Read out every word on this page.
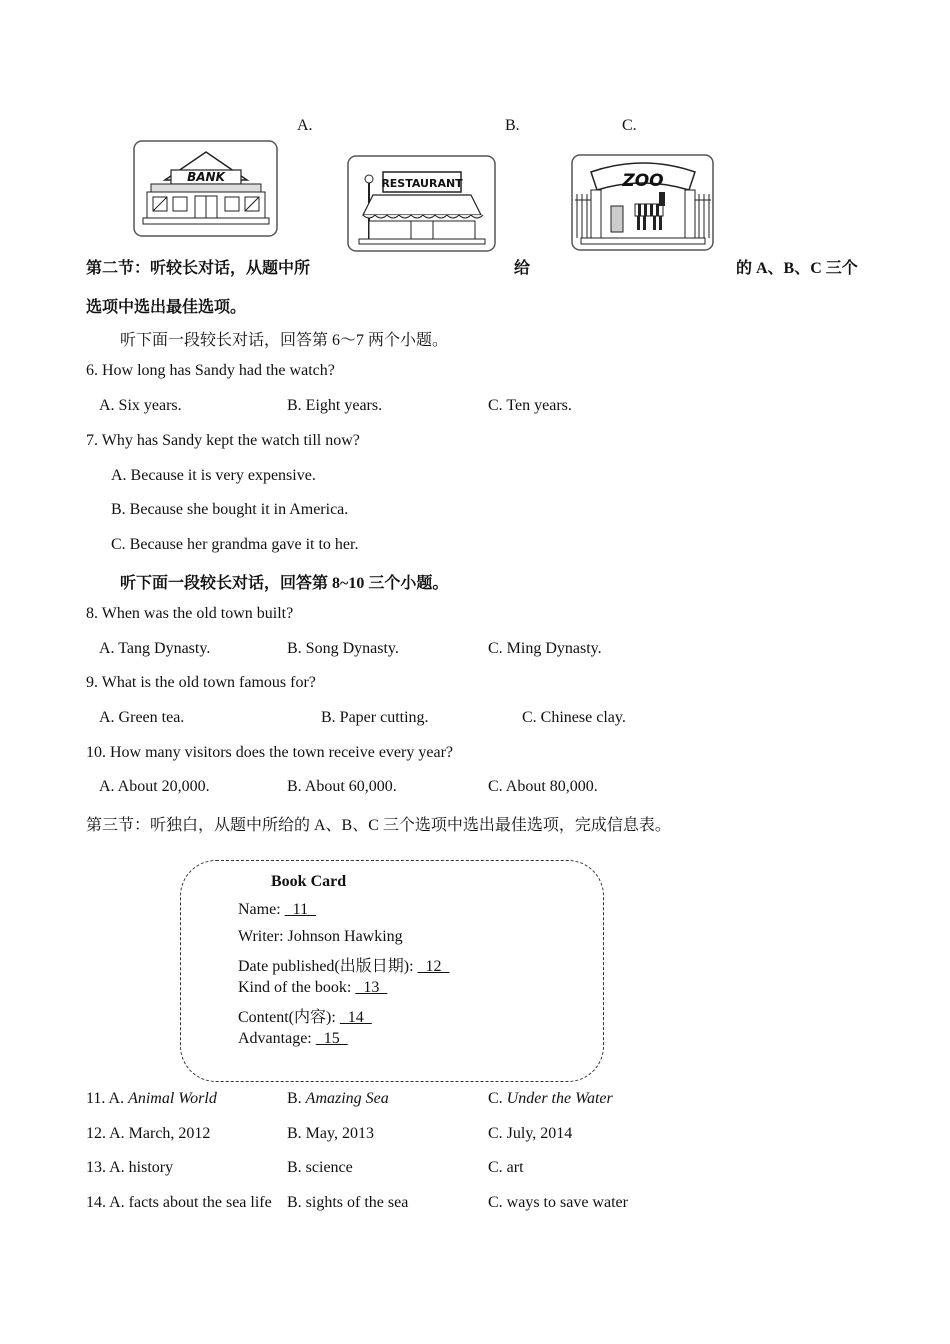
A.	B.	C.
BANK	RESTAURANT	ZOO
第二节：听较长对话，从题中所	给	的 A、B、C 三个
选项中选出最佳选项。
听下面一段较长对话，回答第 6～7 两个小题。
6. How long has Sandy had the watch?
A. Six years.	B. Eight years.	C. Ten years.
7. Why has Sandy kept the watch till now?
A. Because it is very expensive.
B. Because she bought it in America.
C. Because her grandma gave it to her.
听下面一段较长对话，回答第 8~10 三个小题。
8. When was the old town built?
A. Tang Dynasty.	B. Song Dynasty.	C. Ming Dynasty.
9. What is the old town famous for?
A. Green tea.	B. Paper cutting.	C. Chinese clay.
10. How many visitors does the town receive every year?
A. About 20,000.	B. About 60,000.	C. About 80,000.
第三节：听独白，从题中所给的 A、B、C 三个选项中选出最佳选项，完成信息表。
Book Card
Name:   11
Writer: Johnson Hawking
Date published(出版日期):   12
Kind of the book:   13
Content(内容):   14
Advantage:   15
11. A. Animal World	B. Amazing Sea	C. Under the Water
12. A. March, 2012	B. May, 2013	C. July, 2014
13. A. history	B. science	C. art
14. A. facts about the sea life B. sights of the sea	C. ways to save water
